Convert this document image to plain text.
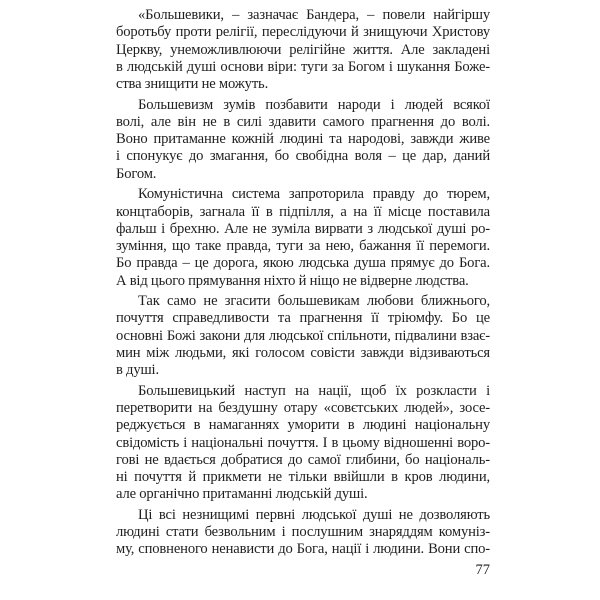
«Большевики, – зазначає Бандера, – повели найгіршу
боротьбу проти релігії, переслідуючи й знищуючи Христову
Церкву, унеможливлюючи релігійне життя. Але закладені
в людській душі основи віри: туги за Богом і шукання Боже-
ства знищити не можуть.

Большевизм зумів позбавити народи і людей всякої
волі, але він не в силі здавити самого прагнення до волі.
Воно притаманне кожній людині та народові, завжди живе
і спонукує до змагання, бо свобідна воля – це дар, даний
Богом.

Комуністична система запроторила правду до тюрем,
концтаборів, загнала її в підпілля, а на її місце поставила
фальш і брехню. Але не зуміла вирвати з людської душі ро-
зуміння, що таке правда, туги за нею, бажання її перемоги.
Бо правда – це дорога, якою людська душа прямує до Бога.
А від цього прямування ніхто й ніщо не відверне людства.

Так само не згасити большевикам любови ближнього,
почуття справедливости та прагнення її тріюмфу. Бо це
основні Божі закони для людської спільноти, підвалини взає-
мин між людьми, які голосом совісти завжди відзиваються
в душі.

Большевицький наступ на нації, щоб їх розкласти і
перетворити на бездушну отару «совєтських людей», зосе-
реджується в намаганнях уморити в людині національну
свідомість і національні почуття. І в цьому відношенні воро-
гові не вдається добратися до самої глибини, бо національ-
ні почуття й прикмети не тільки ввійшли в кров людини,
але органічно притаманні людській душі.

Ці всі незнищимі первні людської душі не дозволяють
людині стати безвольним і послушним знаряддям комуніз-
му, сповненого ненависти до Бога, нації і людини. Вони спо-

77
